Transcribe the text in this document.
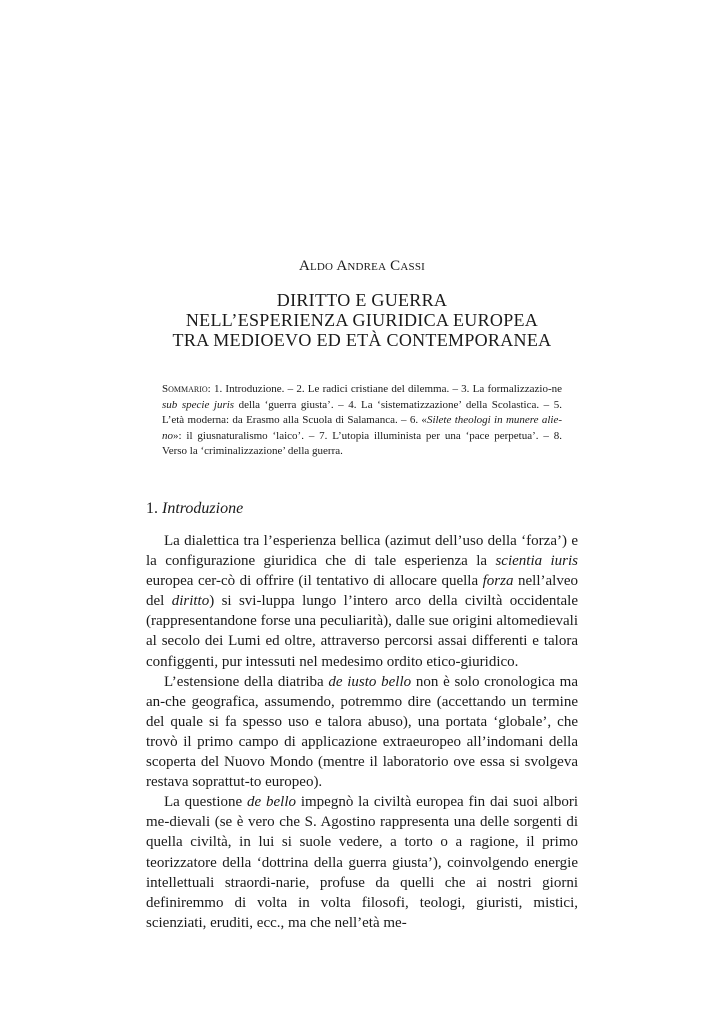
Aldo Andrea Cassi
DIRITTO E GUERRA
NELL’ESPERIENZA GIURIDICA EUROPEA
TRA MEDIOEVO ED ETÀ CONTEMPORANEA
Sommario: 1. Introduzione. – 2. Le radici cristiane del dilemma. – 3. La formalizzazio-ne sub specie juris della ‘guerra giusta’. – 4. La ‘sistematizzazione’ della Scolastica. – 5. L’età moderna: da Erasmo alla Scuola di Salamanca. – 6. «Silete theologi in munere alie-no»: il giusnaturalismo ‘laico’. – 7. L’utopia illuminista per una ‘pace perpetua’. – 8. Verso la ‘criminalizzazione’ della guerra.
1. Introduzione

La dialettica tra l’esperienza bellica (azimut dell’uso della ‘forza’) e la configurazione giuridica che di tale esperienza la scientia iuris europea cer-cò di offrire (il tentativo di allocare quella forza nell’alveo del diritto) si svi-luppa lungo l’intero arco della civiltà occidentale (rappresentandone forse una peculiarità), dalle sue origini altomedievali al secolo dei Lumi ed oltre, attraverso percorsi assai differenti e talora configgenti, pur intessuti nel medesimo ordito etico-giuridico.

L’estensione della diatriba de iusto bello non è solo cronologica ma an-che geografica, assumendo, potremmo dire (accettando un termine del quale si fa spesso uso e talora abuso), una portata ‘globale’, che trovò il primo campo di applicazione extraeuropeo all’indomani della scoperta del Nuovo Mondo (mentre il laboratorio ove essa si svolgeva restava soprattut-to europeo).

La questione de bello impegnò la civiltà europea fin dai suoi albori me-dievali (se è vero che S. Agostino rappresenta una delle sorgenti di quella civiltà, in lui si suole vedere, a torto o a ragione, il primo teorizzatore della ‘dottrina della guerra giusta’), coinvolgendo energie intellettuali straordi-narie, profuse da quelli che ai nostri giorni definiremmo di volta in volta filosofi, teologi, giuristi, mistici, scienziati, eruditi, ecc., ma che nell’età me-
